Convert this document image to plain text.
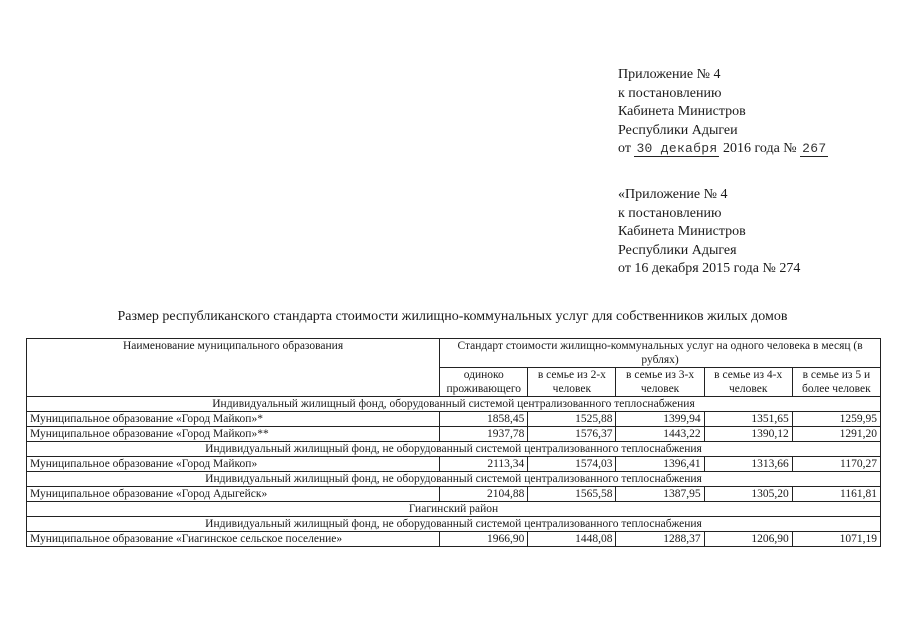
Приложение № 4
к постановлению
Кабинета Министров
Республики Адыгеи
от 30 декабря 2016 года № 267
«Приложение № 4
к постановлению
Кабинета Министров
Республики Адыгея
от 16 декабря 2015 года № 274
Размер республиканского стандарта стоимости жилищно-коммунальных услуг для собственников жилых домов
Наименование муниципального образования	Стандарт стоимости жилищно-коммунальных услуг на одного человека в месяц (в рублях)				
	одиноко проживающего	в семье из 2-х человек	в семье из 3-х человек	в семье из 4-х человек	в семье из 5 и более человек
Индивидуальный жилищный фонд, оборудованный системой централизованного теплоснабжения					
Муниципальное образование «Город Майкоп»*	1858,45	1525,88	1399,94	1351,65	1259,95
Муниципальное образование «Город Майкоп»**	1937,78	1576,37	1443,22	1390,12	1291,20
Индивидуальный жилищный фонд, не оборудованный системой централизованного теплоснабжения					
Муниципальное образование «Город Майкоп»	2113,34	1574,03	1396,41	1313,66	1170,27
Индивидуальный жилищный фонд, не оборудованный системой централизованного теплоснабжения					
Муниципальное образование «Город Адыгейск»	2104,88	1565,58	1387,95	1305,20	1161,81
Гиагинский район					
Индивидуальный жилищный фонд, не оборудованный системой централизованного теплоснабжения					
Муниципальное образование «Гиагинское сельское поселение»	1966,90	1448,08	1288,37	1206,90	1071,19
